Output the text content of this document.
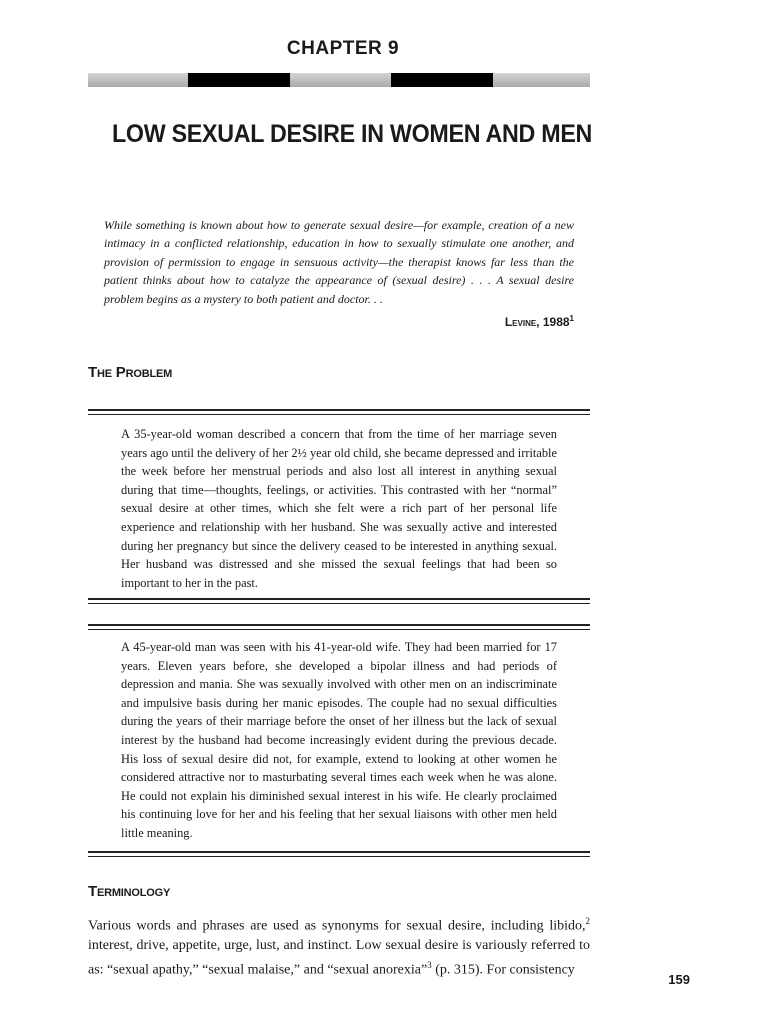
CHAPTER 9
LOW SEXUAL DESIRE IN WOMEN AND MEN

While something is known about how to generate sexual desire—for example, creation of a new intimacy in a conflicted relationship, education in how to sexually stimulate one another, and provision of permission to engage in sensuous activity—the therapist knows far less than the patient thinks about how to catalyze the appearance of (sexual desire) . . . A sexual desire problem begins as a mystery to both patient and doctor. . .

Levine, 1988$^1$
The Problem

A 35-year-old woman described a concern that from the time of her marriage seven years ago until the delivery of her 2½ year old child, she became depressed and irritable the week before her menstrual periods and also lost all interest in anything sexual during that time—thoughts, feelings, or activities. This contrasted with her “normal” sexual desire at other times, which she felt were a rich part of her personal life experience and relationship with her husband. She was sexually active and interested during her pregnancy but since the delivery ceased to be interested in anything sexual. Her husband was distressed and she missed the sexual feelings that had been so important to her in the past.

A 45-year-old man was seen with his 41-year-old wife. They had been married for 17 years. Eleven years before, she developed a bipolar illness and had periods of depression and mania. She was sexually involved with other men on an indiscriminate and impulsive basis during her manic episodes. The couple had no sexual difficulties during the years of their marriage before the onset of her illness but the lack of sexual interest by the husband had become increasingly evident during the previous decade. His loss of sexual desire did not, for example, extend to looking at other women he considered attractive nor to masturbating several times each week when he was alone. He could not explain his diminished sexual interest in his wife. He clearly proclaimed his continuing love for her and his feeling that her sexual liaisons with other men held little meaning.

Terminology

Various words and phrases are used as synonyms for sexual desire, including libido,$^2$ interest, drive, appetite, urge, lust, and instinct. Low sexual desire is variously referred to as: “sexual apathy,” “sexual malaise,” and “sexual anorexia”$^3$ (p. 315). For consistency

159
